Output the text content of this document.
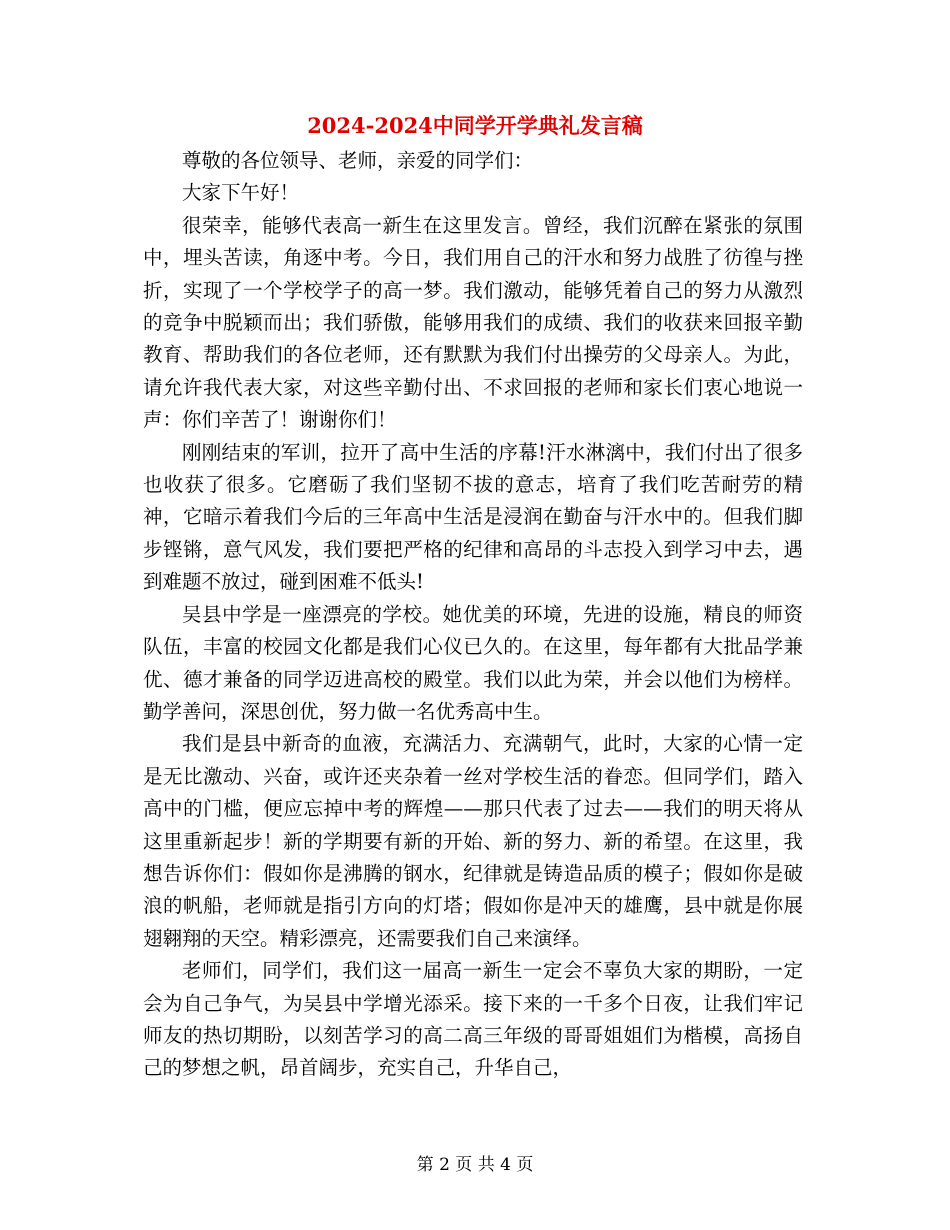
2024-2024中同学开学典礼发言稿

尊敬的各位领导、老师，亲爱的同学们：

大家下午好！

很荣幸，能够代表高一新生在这里发言。曾经，我们沉醉在紧张的氛围中，埋头苦读，角逐中考。今日，我们用自己的汗水和努力战胜了彷徨与挫折，实现了一个学校学子的高一梦。我们激动，能够凭着自己的努力从激烈的竞争中脱颖而出；我们骄傲，能够用我们的成绩、我们的收获来回报辛勤教育、帮助我们的各位老师，还有默默为我们付出操劳的父母亲人。为此，请允许我代表大家，对这些辛勤付出、不求回报的老师和家长们衷心地说一声：你们辛苦了！谢谢你们！

刚刚结束的军训，拉开了高中生活的序幕!汗水淋漓中，我们付出了很多也收获了很多。它磨砺了我们坚韧不拔的意志，培育了我们吃苦耐劳的精神，它暗示着我们今后的三年高中生活是浸润在勤奋与汗水中的。但我们脚步铿锵，意气风发，我们要把严格的纪律和高昂的斗志投入到学习中去，遇到难题不放过，碰到困难不低头!

吴县中学是一座漂亮的学校。她优美的环境，先进的设施，精良的师资队伍，丰富的校园文化都是我们心仪已久的。在这里，每年都有大批品学兼优、德才兼备的同学迈进高校的殿堂。我们以此为荣，并会以他们为榜样。勤学善问，深思创优，努力做一名优秀高中生。

我们是县中新奇的血液，充满活力、充满朝气，此时，大家的心情一定是无比激动、兴奋，或许还夹杂着一丝对学校生活的眷恋。但同学们，踏入高中的门槛，便应忘掉中考的辉煌——那只代表了过去——我们的明天将从这里重新起步！新的学期要有新的开始、新的努力、新的希望。在这里，我想告诉你们：假如你是沸腾的钢水，纪律就是铸造品质的模子；假如你是破浪的帆船，老师就是指引方向的灯塔；假如你是冲天的雄鹰，县中就是你展翅翱翔的天空。精彩漂亮，还需要我们自己来演绎。

老师们，同学们，我们这一届高一新生一定会不辜负大家的期盼，一定会为自己争气，为吴县中学增光添采。接下来的一千多个日夜，让我们牢记师友的热切期盼，以刻苦学习的高二高三年级的哥哥姐姐们为楷模，高扬自己的梦想之帆，昂首阔步，充实自己，升华自己，

第 2 页 共 4 页
